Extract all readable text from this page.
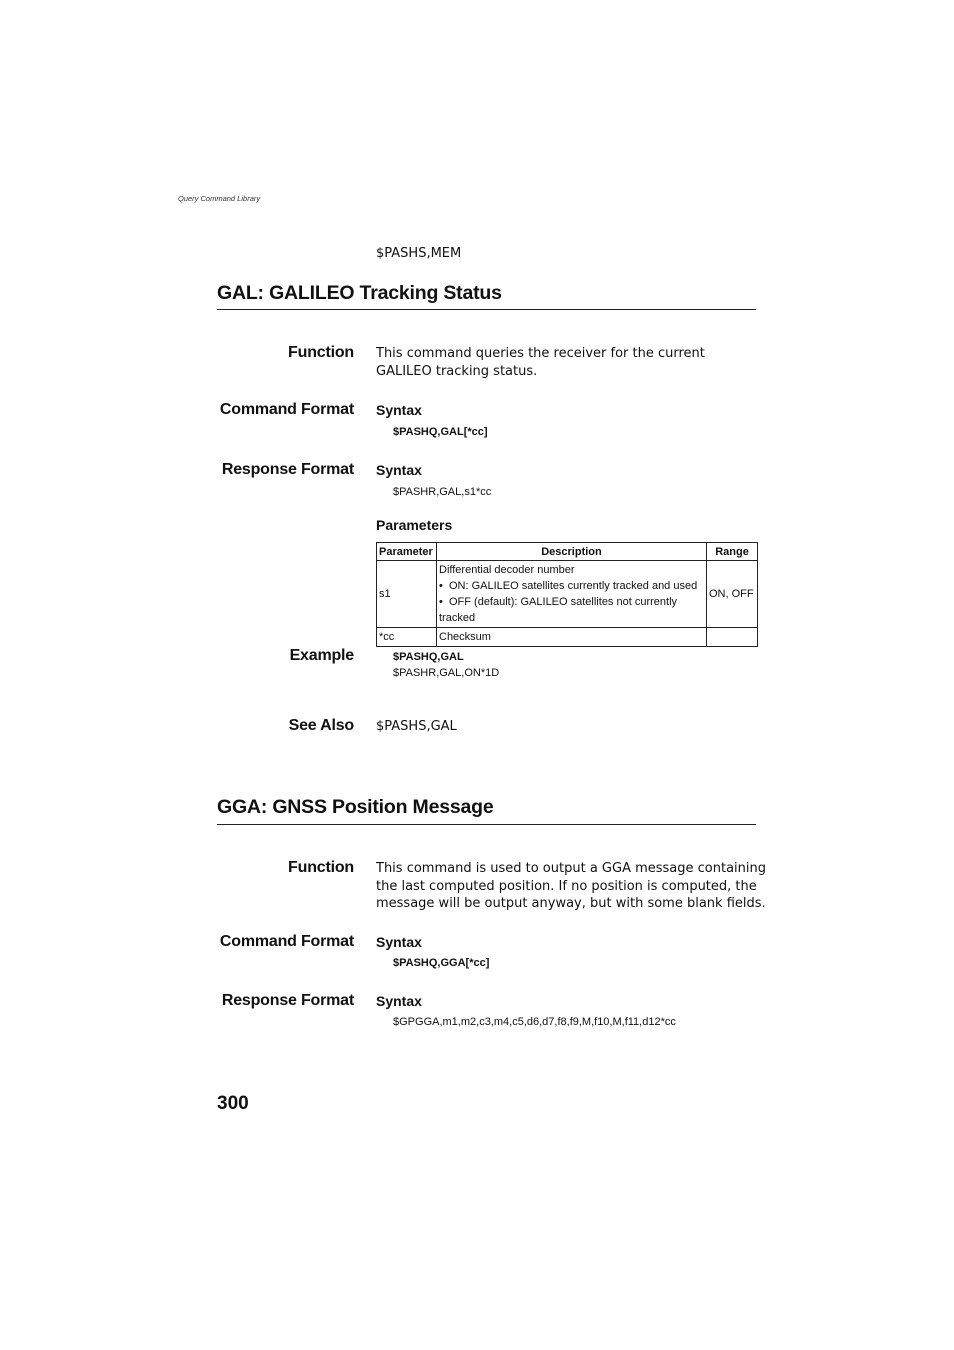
Query Command Library
$PASHS,MEM
GAL: GALILEO Tracking Status
Function This command queries the receiver for the current GALILEO tracking status.
Command Format Syntax
$PASHQ,GAL[*cc]
Response Format Syntax
$PASHR,GAL,s1*cc
Parameters
Parameter	Description	Range
s1	Differential decoder number
• ON: GALILEO satellites currently tracked and used
• OFF (default): GALILEO satellites not currently tracked	ON, OFF
*cc	Checksum	
Example	$PASHQ,GAL
$PASHR,GAL,ON*1D
See Also $PASHS,GAL
GGA: GNSS Position Message
Function This command is used to output a GGA message containing
the last computed position. If no position is computed, the
message will be output anyway, but with some blank fields.
Command Format Syntax
$PASHQ,GGA[*cc]
Response Format Syntax
$GPGGA,m1,m2,c3,m4,c5,d6,d7,f8,f9,M,f10,M,f11,d12*cc
300
